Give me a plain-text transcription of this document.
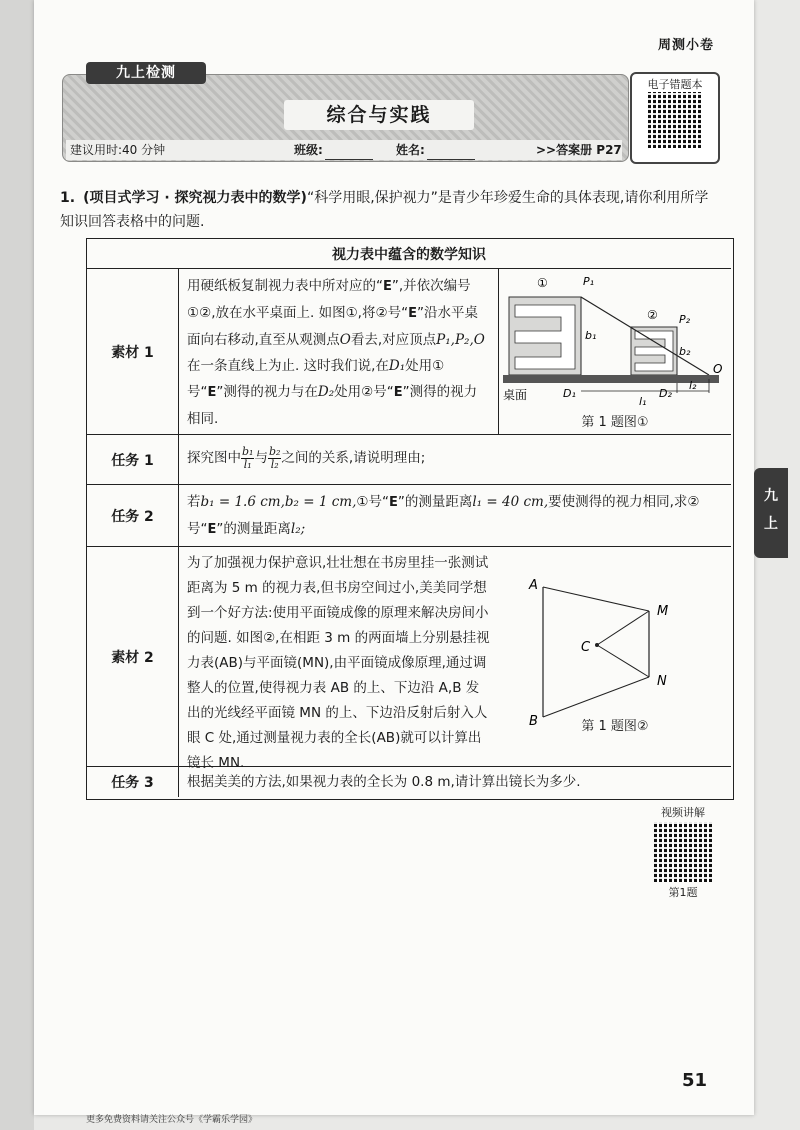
周测小卷
九上检测
综合与实践
建议用时:40 分钟	班级:	姓名:	>>答案册 P27
电子错题本
1. (项目式学习 · 探究视力表中的数学)“科学用眼,保护视力”是青少年珍爱生命的具体表现,请你利用所学知识回答表格中的问题.
视力表中蕴含的数学知识
素材 1
用硬纸板复制视力表中所对应的“E”,并依次编号①②,放在水平桌面上. 如图①,将②号“E”沿水平桌面向右移动,直至从观测点O看去,对应顶点P₁,P₂,O在一条直线上为止. 这时我们说,在D₁处用①号“E”测得的视力与在D₂处用②号“E”测得的视力相同.
①	P₁
② P₂
O
b₁
b₂
桌面	D₁	D₂
l₂
l₁
第 1 题图①
任务 1	探究图中 $\frac{\text{b₁}}{\text{l₁}}$与 $\frac{\text{b₂}}{\text{l₂}}$之间的关系,请说明理由;
任务 2
若b₁ = 1.6 cm,b₂ = 1 cm,①号“E”的测量距离l₁ = 40 cm,要使测得的视力相同,求②号“E”的测量距离l₂;
素材 2
为了加强视力保护意识,壮壮想在书房里挂一张测试距离为 5 m 的视力表,但书房空间过小,美美同学想到一个好方法:使用平面镜成像的原理来解决房间小的问题. 如图②,在相距 3 m 的两面墙上分别悬挂视力表(AB)与平面镜(MN),由平面镜成像原理,通过调整人的位置,使得视力表 AB 的上、下边沿 A,B 发出的光线经平面镜 MN 的上、下边沿反射后射入人眼 C 处,通过测量视力表的全长(AB)就可以计算出镜长 MN.
A
B
C
M
N
第 1 题图②
任务 3	根据美美的方法,如果视力表的全长为 0.8 m,请计算出镜长为多少.
九
上
视频讲解
第1题
51
更多免费资料请关注公众号《学霸乐学园》
